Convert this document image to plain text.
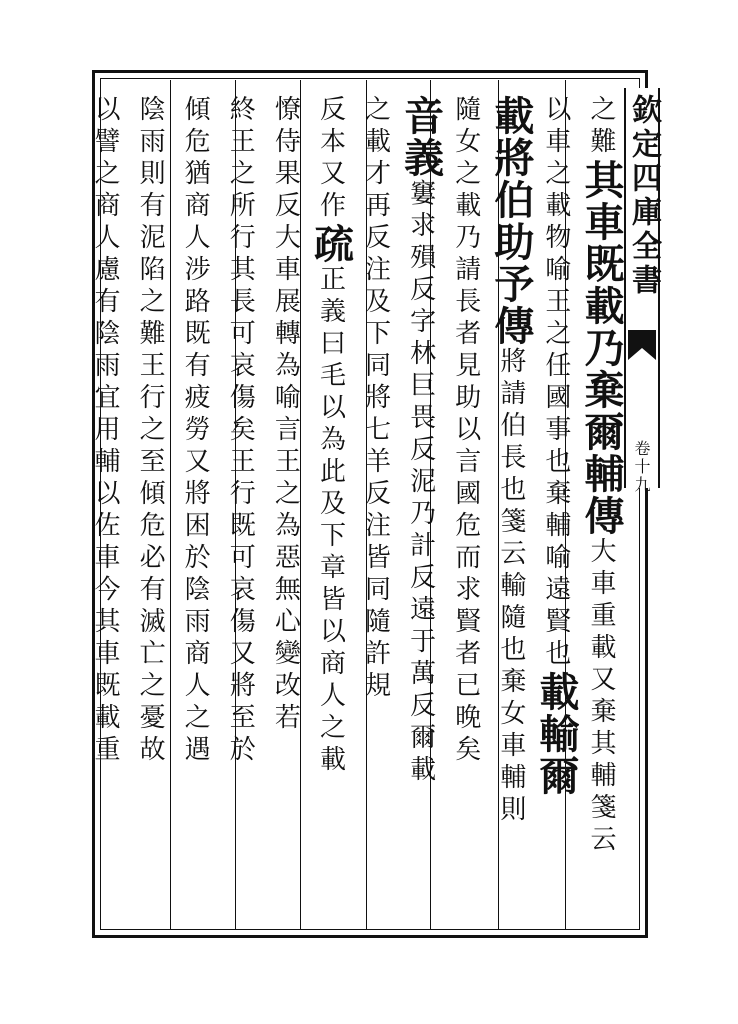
欽定四庫全書
卷十九
之難其車既載乃棄爾輔傳大車重載又棄其輔箋云
以車之載物喻王之任國事也棄輔喻遠賢也載輸爾
載將伯助予傳將請伯長也箋云輸隨也棄女車輔則
隨女之載乃請長者見助以言國危而求賢者已晚矣
音義窶求殞反字林巨畏反泥乃計反遠于萬反爾載
之載才再反注及下同將七羊反注皆同隨許規
反本又作疏正義曰毛以為此及下章皆以商人之載
憭侍果反大車展轉為喻言王之為惡無心變改若
終王之所行其長可哀傷矣王行既可哀傷又將至於
傾危猶商人涉路既有疲勞又將困於陰雨商人之遇
陰雨則有泥陷之難王行之至傾危必有滅亡之憂故
以譬之商人慮有陰雨宜用輔以佐車今其車既載重
